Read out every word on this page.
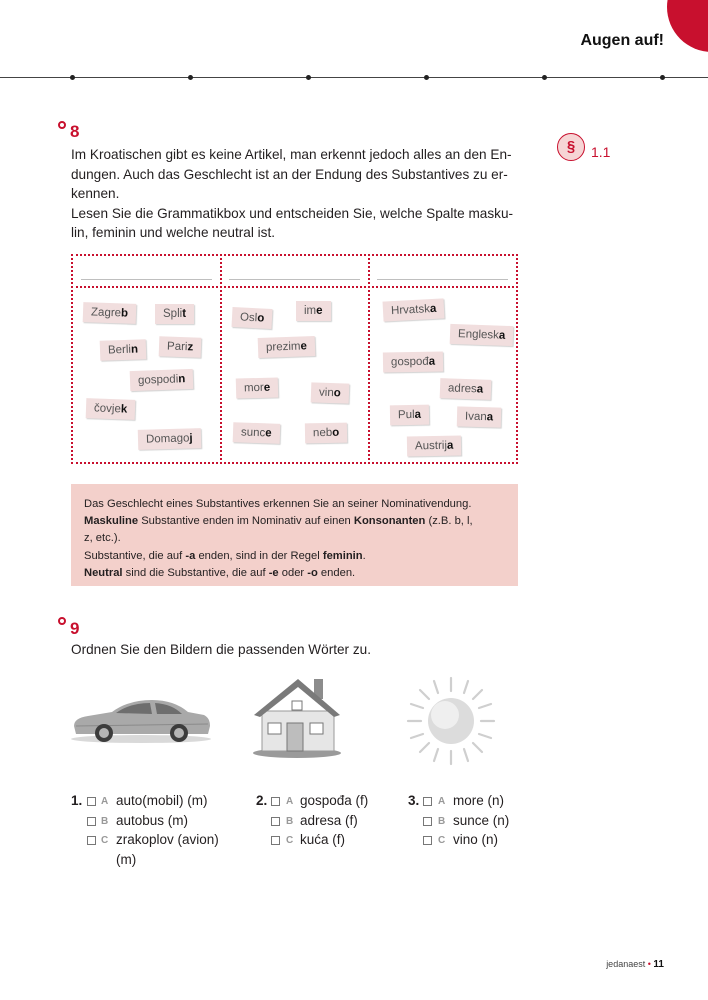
Augen auf!
8
Im Kroatischen gibt es keine Artikel, man erkennt jedoch alles an den En-
dungen. Auch das Geschlecht ist an der Endung des Substantives zu er-
kennen.
Lesen Sie die Grammatikbox und entscheiden Sie, welche Spalte masku-
lin, feminin und welche neutral ist.
§	1.1
Zagreb	Split
Berlin	Pariz
gospodin
čovjek
Domagoj
Oslo
ime
prezime
more	vino
sunce	nebo
Hrvatska
Engleska
gospođa
adresa
Pula	Ivana
Austrija
Das Geschlecht eines Substantives erkennen Sie an seiner Nominativendung.
Maskuline Substantive enden im Nominativ auf einen Konsonanten (z.B. b, l,
z, etc.).
Substantive, die auf -a enden, sind in der Regel feminin.
Neutral sind die Substantive, die auf -e oder -o enden.
9
Ordnen Sie den Bildern die passenden Wörter zu.
1. A auto(mobil) (m)
B autobus (m)
C zrakoplov (avion)
(m)
2. A gospođa (f)
B adresa (f)
C kuća (f)
3. A more (n)
B sunce (n)
C vino (n)
jedanaest • 11
